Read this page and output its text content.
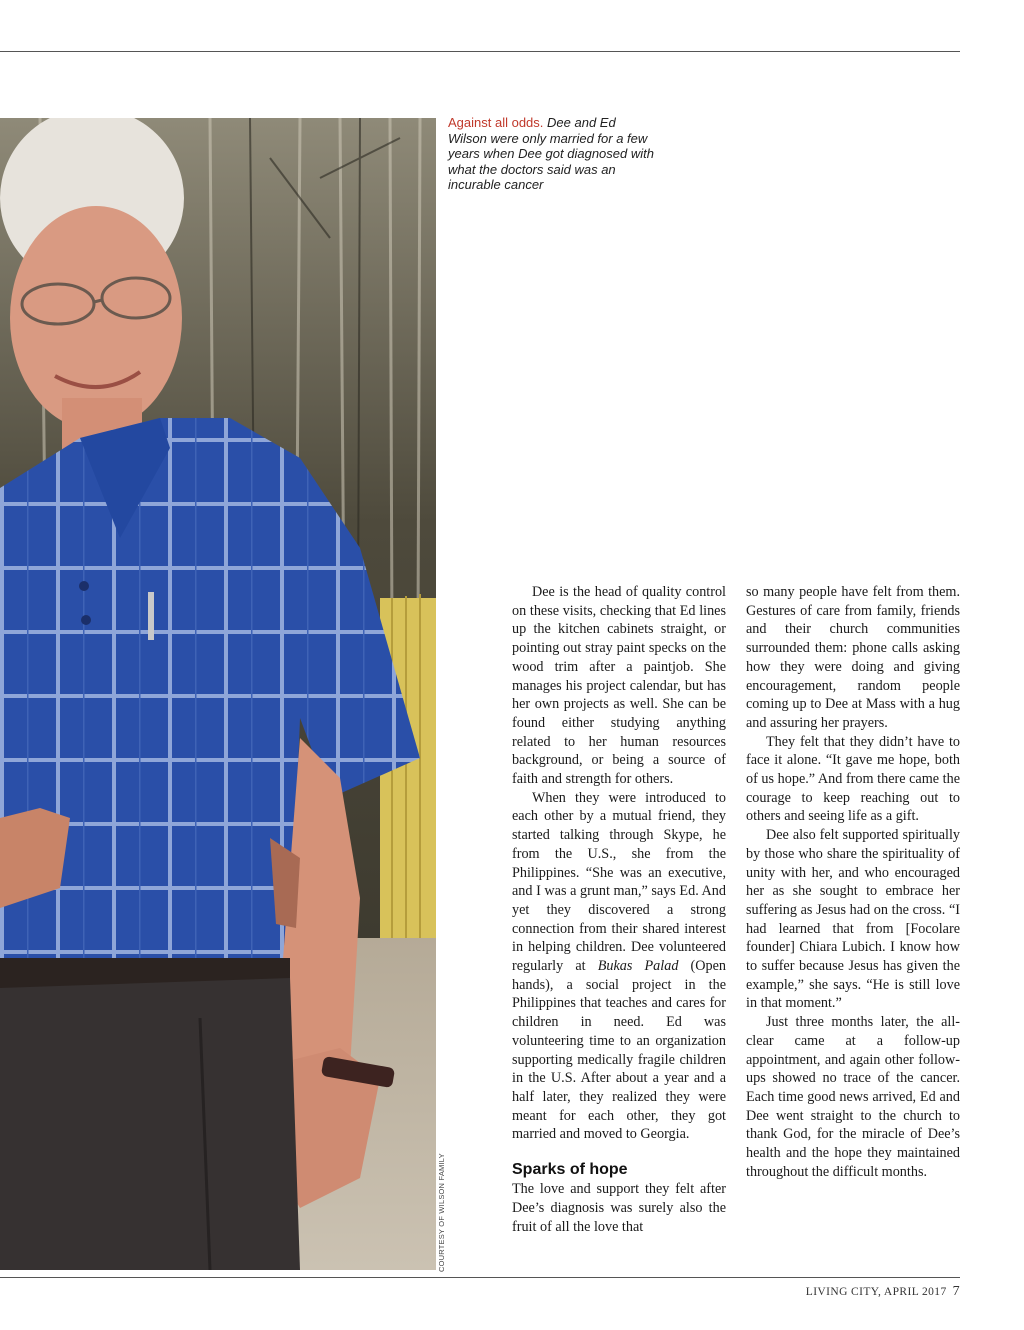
COURTESY OF WILSON FAMILY
Against all odds. Dee and Ed Wilson were only married for a few years when Dee got diagnosed with what the doctors said was an incurable cancer

Dee is the head of quality control on these visits, checking that Ed lines up the kitchen cabinets straight, or pointing out stray paint specks on the wood trim after a paintjob. She manages his project calendar, but has her own projects as well. She can be found either studying anything related to her human resources background, or being a source of faith and strength for others.

When they were introduced to each other by a mutual friend, they started talking through Skype, he from the U.S., she from the Philippines. “She was an executive, and I was a grunt man,” says Ed. And yet they discovered a strong connection from their shared interest in helping children. Dee volunteered regularly at Bukas Palad (Open hands), a social project in the Philippines that teaches and cares for children in need. Ed was volunteering time to an organization supporting medically fragile children in the U.S. After about a year and a half later, they realized they were meant for each other, they got married and moved to Georgia.

Sparks of hope

The love and support they felt after Dee’s diagnosis was surely also the fruit of all the love that

so many people have felt from them. Gestures of care from family, friends and their church communities surrounded them: phone calls asking how they were doing and giving encouragement, random people coming up to Dee at Mass with a hug and assuring her prayers.

They felt that they didn’t have to face it alone. “It gave me hope, both of us hope.” And from there came the courage to keep reaching out to others and seeing life as a gift.

Dee also felt supported spiritually by those who share the spirituality of unity with her, and who encouraged her as she sought to embrace her suffering as Jesus had on the cross. “I had learned that from [Focolare founder] Chiara Lubich. I know how to suffer because Jesus has given the example,” she says. “He is still love in that moment.”

Just three months later, the all-clear came at a follow-up appointment, and again other follow-ups showed no trace of the cancer. Each time good news arrived, Ed and Dee went straight to the church to thank God, for the miracle of Dee’s health and the hope they maintained throughout the difficult months.

LIVING CITY, APRIL 2017 7
